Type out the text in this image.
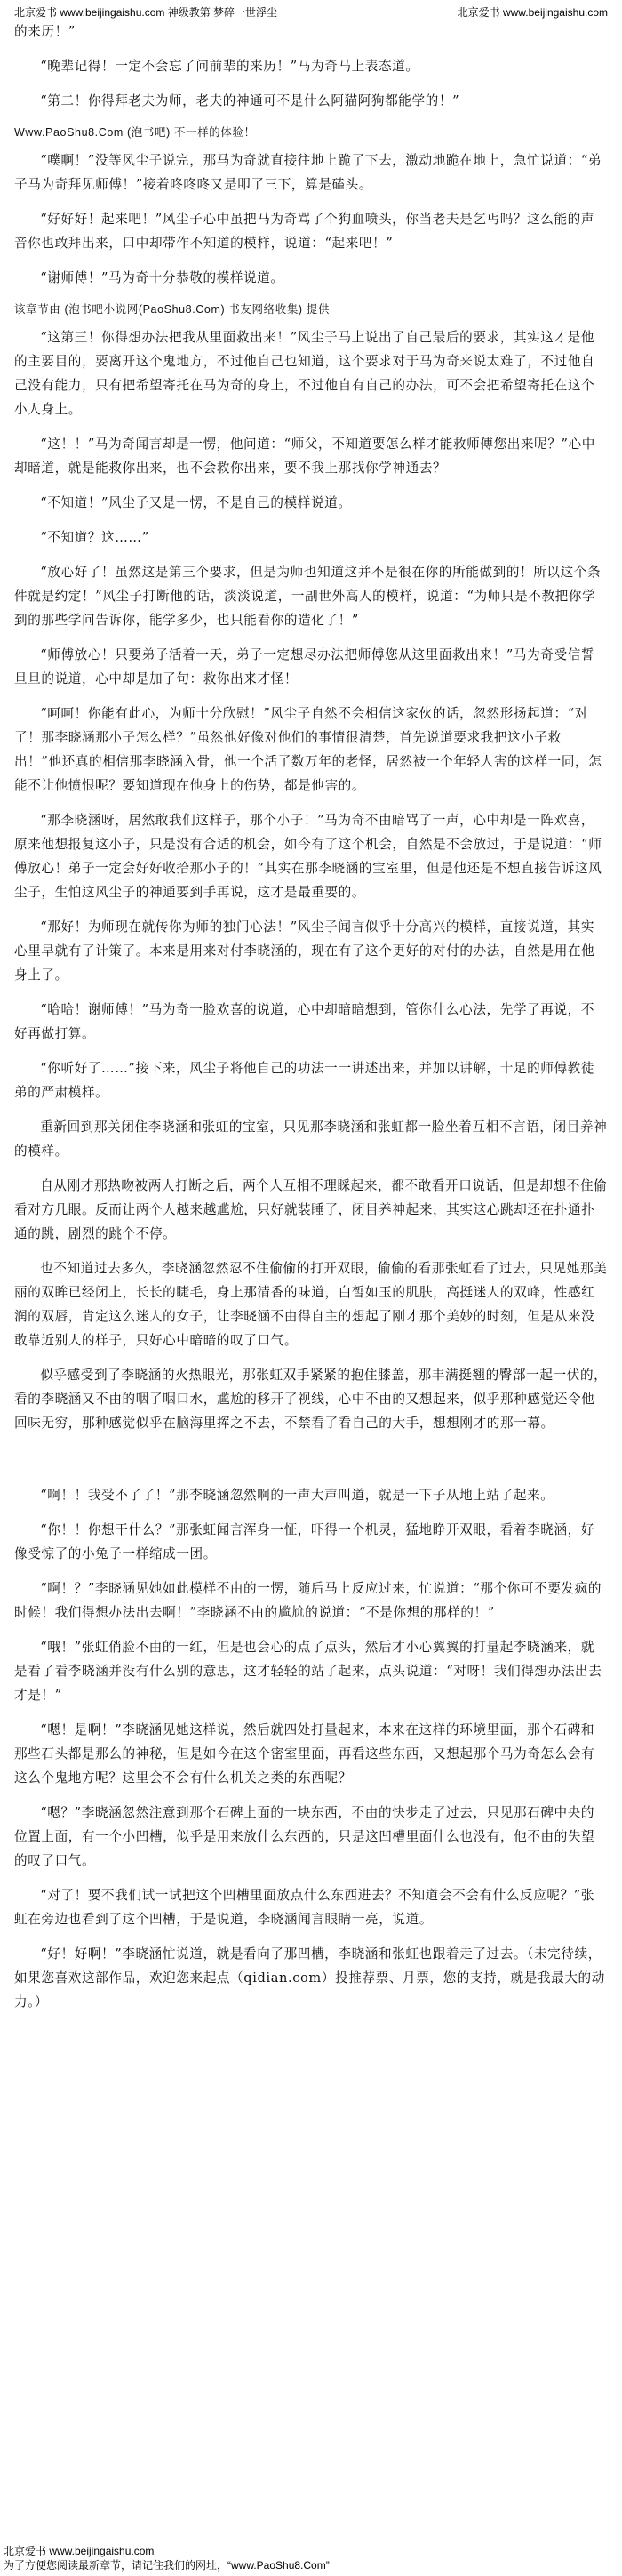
北京爱书 www.beijingaishu.com 神级教第 梦碎一世浮尘	北京爱书 www.beijingaishu.com

的来历！”

“晚辈记得！一定不会忘了问前辈的来历！”马为奇马上表态道。

“第二！你得拜老夫为师，老夫的神通可不是什么阿猫阿狗都能学的！”

Www.PaoShu8.Com (泡书吧) 不一样的体验！

“噗啊！”没等风尘子说完，那马为奇就直接往地上跪了下去，激动地跪在地上，急忙说道：“弟子马为奇拜见师傅！”接着咚咚咚又是叩了三下，算是磕头。

“好好好！起来吧！”风尘子心中虽把马为奇骂了个狗血喷头，你当老夫是乞丐吗？这么能的声音你也敢拜出来，口中却带作不知道的模样，说道：“起来吧！”

“谢师傅！”马为奇十分恭敬的模样说道。

该章节由 (泡书吧小说网(PaoShu8.Com) 书友网络收集) 提供

“这第三！你得想办法把我从里面救出来！”风尘子马上说出了自己最后的要求，其实这才是他的主要目的，要离开这个鬼地方，不过他自己也知道，这个要求对于马为奇来说太难了，不过他自己没有能力，只有把希望寄托在马为奇的身上，不过他自有自己的办法，可不会把希望寄托在这个小人身上。

“这！！”马为奇闻言却是一愣，他问道：“师父，不知道要怎么样才能救师傅您出来呢？”心中却暗道，就是能救你出来，也不会救你出来，要不我上那找你学神通去？

“不知道！”风尘子又是一愣，不是自己的模样说道。

“不知道？这……”

“放心好了！虽然这是第三个要求，但是为师也知道这并不是很在你的所能做到的！所以这个条件就是约定！”风尘子打断他的话，淡淡说道，一副世外高人的模样，说道：“为师只是不教把你学到的那些学问告诉你，能学多少，也只能看你的造化了！”

“师傅放心！只要弟子活着一天，弟子一定想尽办法把师傅您从这里面救出来！”马为奇受信誓旦旦的说道，心中却是加了句：救你出来才怪！

“呵呵！你能有此心，为师十分欣慰！”风尘子自然不会相信这家伙的话，忽然形扬起道：“对了！那李晓涵那小子怎么样？”虽然他好像对他们的事情很清楚，首先说道要求我把这小子救出！”他还真的相信那李晓涵入骨，他一个活了数万年的老怪，居然被一个年轻人害的这样一同，怎能不让他愤恨呢？要知道现在他身上的伤势，都是他害的。

“那李晓涵呀，居然敢我们这样子，那个小子！”马为奇不由暗骂了一声，心中却是一阵欢喜，原来他想报复这小子，只是没有合适的机会，如今有了这个机会，自然是不会放过，于是说道：“师傅放心！弟子一定会好好收拾那小子的！”其实在那李晓涵的宝室里，但是他还是不想直接告诉这风尘子，生怕这风尘子的神通要到手再说，这才是最重要的。

“那好！为师现在就传你为师的独门心法！”风尘子闻言似乎十分高兴的模样，直接说道，其实心里早就有了计策了。本来是用来对付李晓涵的，现在有了这个更好的对付的办法，自然是用在他身上了。

“哈哈！谢师傅！”马为奇一脸欢喜的说道，心中却暗暗想到，管你什么心法，先学了再说，不好再做打算。

“你听好了……”接下来，风尘子将他自己的功法一一讲述出来，并加以讲解，十足的师傅教徒弟的严肃模样。

重新回到那关闭住李晓涵和张虹的宝室，只见那李晓涵和张虹都一脸坐着互相不言语，闭目养神的模样。

自从刚才那热吻被两人打断之后，两个人互相不理睬起来，都不敢看开口说话，但是却想不住偷看对方几眼。反而让两个人越来越尴尬，只好就装睡了，闭目养神起来，其实这心跳却还在扑通扑通的跳，剧烈的跳个不停。

也不知道过去多久，李晓涵忽然忍不住偷偷的打开双眼，偷偷的看那张虹看了过去，只见她那美丽的双眸已经闭上，长长的睫毛，身上那清香的味道，白皙如玉的肌肤，高挺迷人的双峰，性感红润的双唇，肯定这么迷人的女子，让李晓涵不由得自主的想起了刚才那个美妙的时刻，但是从来没敢靠近别人的样子，只好心中暗暗的叹了口气。

似乎感受到了李晓涵的火热眼光，那张虹双手紧紧的抱住膝盖，那丰满挺翘的臀部一起一伏的，看的李晓涵又不由的咽了咽口水，尴尬的移开了视线，心中不由的又想起来，似乎那种感觉还令他回味无穷，那种感觉似乎在脑海里挥之不去，不禁看了看自己的大手，想想刚才的那一幕。

“啊！！我受不了了！”那李晓涵忽然啊的一声大声叫道，就是一下子从地上站了起来。

“你！！你想干什么？”那张虹闻言浑身一怔，吓得一个机灵，猛地睁开双眼，看着李晓涵，好像受惊了的小兔子一样缩成一团。

“啊！？”李晓涵见她如此模样不由的一愣，随后马上反应过来，忙说道：“那个你可不要发疯的时候！我们得想办法出去啊！”李晓涵不由的尴尬的说道：“不是你想的那样的！”

“哦！”张虹俏脸不由的一红，但是也会心的点了点头，然后才小心翼翼的打量起李晓涵来，就是看了看李晓涵并没有什么别的意思，这才轻轻的站了起来，点头说道：“对呀！我们得想办法出去才是！”

“嗯！是啊！”李晓涵见她这样说，然后就四处打量起来，本来在这样的环境里面，那个石碑和那些石头都是那么的神秘，但是如今在这个密室里面，再看这些东西，又想起那个马为奇怎么会有这么个鬼地方呢？这里会不会有什么机关之类的东西呢？

“嗯？”李晓涵忽然注意到那个石碑上面的一块东西，不由的快步走了过去，只见那石碑中央的位置上面，有一个小凹槽，似乎是用来放什么东西的，只是这凹槽里面什么也没有，他不由的失望的叹了口气。

“对了！要不我们试一试把这个凹槽里面放点什么东西进去？不知道会不会有什么反应呢？”张虹在旁边也看到了这个凹槽，于是说道，李晓涵闻言眼睛一亮，说道。

“好！好啊！”李晓涵忙说道，就是看向了那凹槽，李晓涵和张虹也跟着走了过去。（未完待续，如果您喜欢这部作品，欢迎您来起点（qidian.com）投推荐票、月票，您的支持，就是我最大的动力。）

北京爱书 www.beijingaishu.com
为了方便您阅读最新章节，请记住我们的网址，“www.PaoShu8.Com”
